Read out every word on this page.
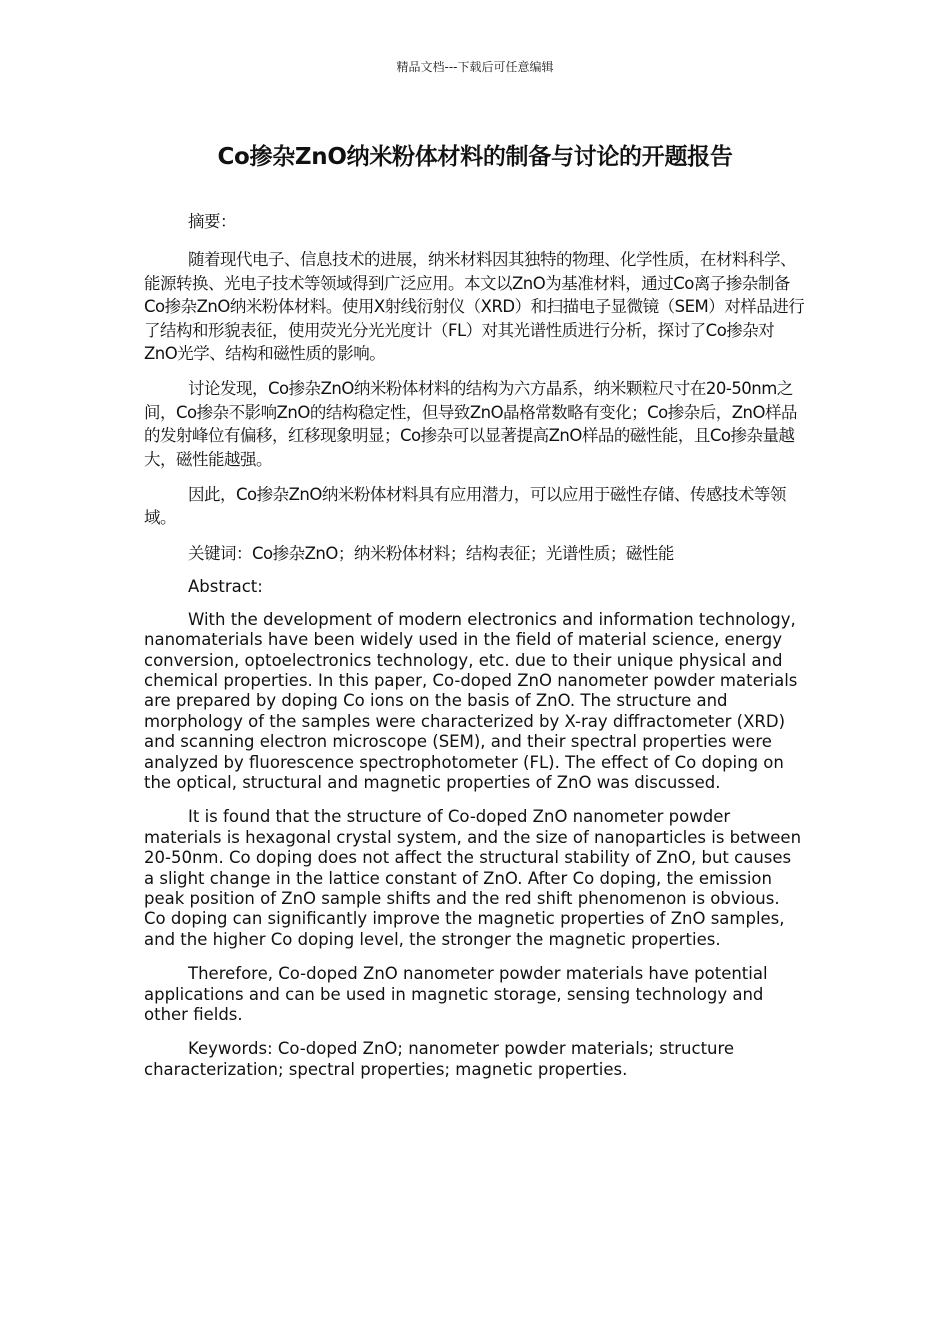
精品文档---下载后可任意编辑
Co掺杂ZnO纳米粉体材料的制备与讨论的开题报告

摘要：

随着现代电子、信息技术的进展，纳米材料因其独特的物理、化学性质，在材料科学、能源转换、光电子技术等领域得到广泛应用。本文以ZnO为基准材料，通过Co离子掺杂制备Co掺杂ZnO纳米粉体材料。使用X射线衍射仪（XRD）和扫描电子显微镜（SEM）对样品进行了结构和形貌表征，使用荧光分光光度计（FL）对其光谱性质进行分析，探讨了Co掺杂对ZnO光学、结构和磁性质的影响。

讨论发现，Co掺杂ZnO纳米粉体材料的结构为六方晶系，纳米颗粒尺寸在20-50nm之间，Co掺杂不影响ZnO的结构稳定性，但导致ZnO晶格常数略有变化；Co掺杂后，ZnO样品的发射峰位有偏移，红移现象明显；Co掺杂可以显著提高ZnO样品的磁性能，且Co掺杂量越大，磁性能越强。

因此，Co掺杂ZnO纳米粉体材料具有应用潜力，可以应用于磁性存储、传感技术等领域。

关键词：Co掺杂ZnO；纳米粉体材料；结构表征；光谱性质；磁性能

Abstract:

With the development of modern electronics and information technology, nanomaterials have been widely used in the field of material science, energy conversion, optoelectronics technology, etc. due to their unique physical and chemical properties. In this paper, Co-doped ZnO nanometer powder materials are prepared by doping Co ions on the basis of ZnO. The structure and morphology of the samples were characterized by X-ray diffractometer (XRD) and scanning electron microscope (SEM), and their spectral properties were analyzed by fluorescence spectrophotometer (FL). The effect of Co doping on the optical, structural and magnetic properties of ZnO was discussed.

It is found that the structure of Co-doped ZnO nanometer powder materials is hexagonal crystal system, and the size of nanoparticles is between 20-50nm. Co doping does not affect the structural stability of ZnO, but causes a slight change in the lattice constant of ZnO. After Co doping, the emission peak position of ZnO sample shifts and the red shift phenomenon is obvious. Co doping can significantly improve the magnetic properties of ZnO samples, and the higher Co doping level, the stronger the magnetic properties.

Therefore, Co-doped ZnO nanometer powder materials have potential applications and can be used in magnetic storage, sensing technology and other fields.

Keywords: Co-doped ZnO; nanometer powder materials; structure characterization; spectral properties; magnetic properties.
